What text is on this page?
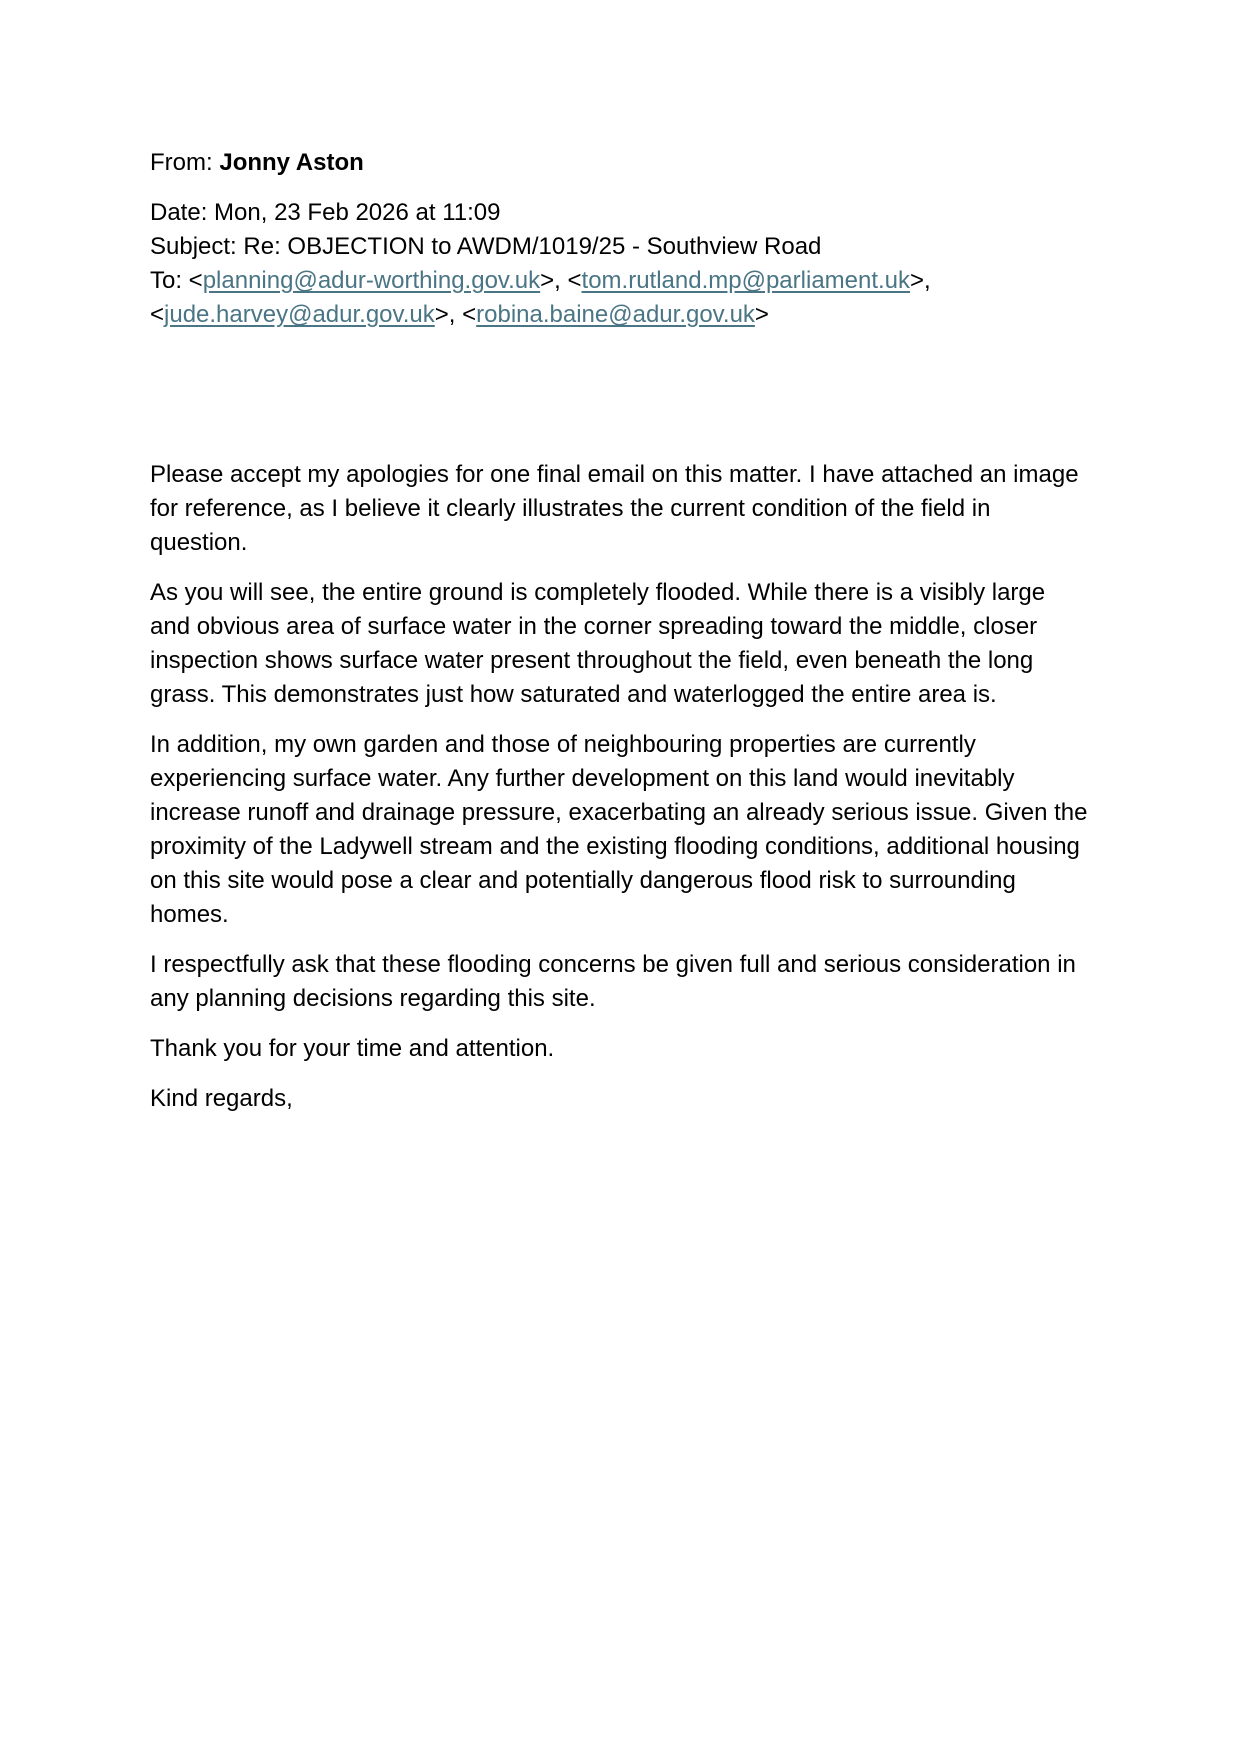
From: Jonny Aston

Date: Mon, 23 Feb 2026 at 11:09

Subject: Re: OBJECTION to AWDM/1019/25 - Southview Road

To: <planning@adur-worthing.gov.uk>, <tom.rutland.mp@parliament.uk>,
<jude.harvey@adur.gov.uk>, <robina.baine@adur.gov.uk>

Please accept my apologies for one final email on this matter. I have attached an image for reference, as I believe it clearly illustrates the current condition of the field in question.

As you will see, the entire ground is completely flooded. While there is a visibly large and obvious area of surface water in the corner spreading toward the middle, closer inspection shows surface water present throughout the field, even beneath the long grass. This demonstrates just how saturated and waterlogged the entire area is.

In addition, my own garden and those of neighbouring properties are currently experiencing surface water. Any further development on this land would inevitably increase runoff and drainage pressure, exacerbating an already serious issue. Given the proximity of the Ladywell stream and the existing flooding conditions, additional housing on this site would pose a clear and potentially dangerous flood risk to surrounding homes.

I respectfully ask that these flooding concerns be given full and serious consideration in any planning decisions regarding this site.

Thank you for your time and attention.

Kind regards,
